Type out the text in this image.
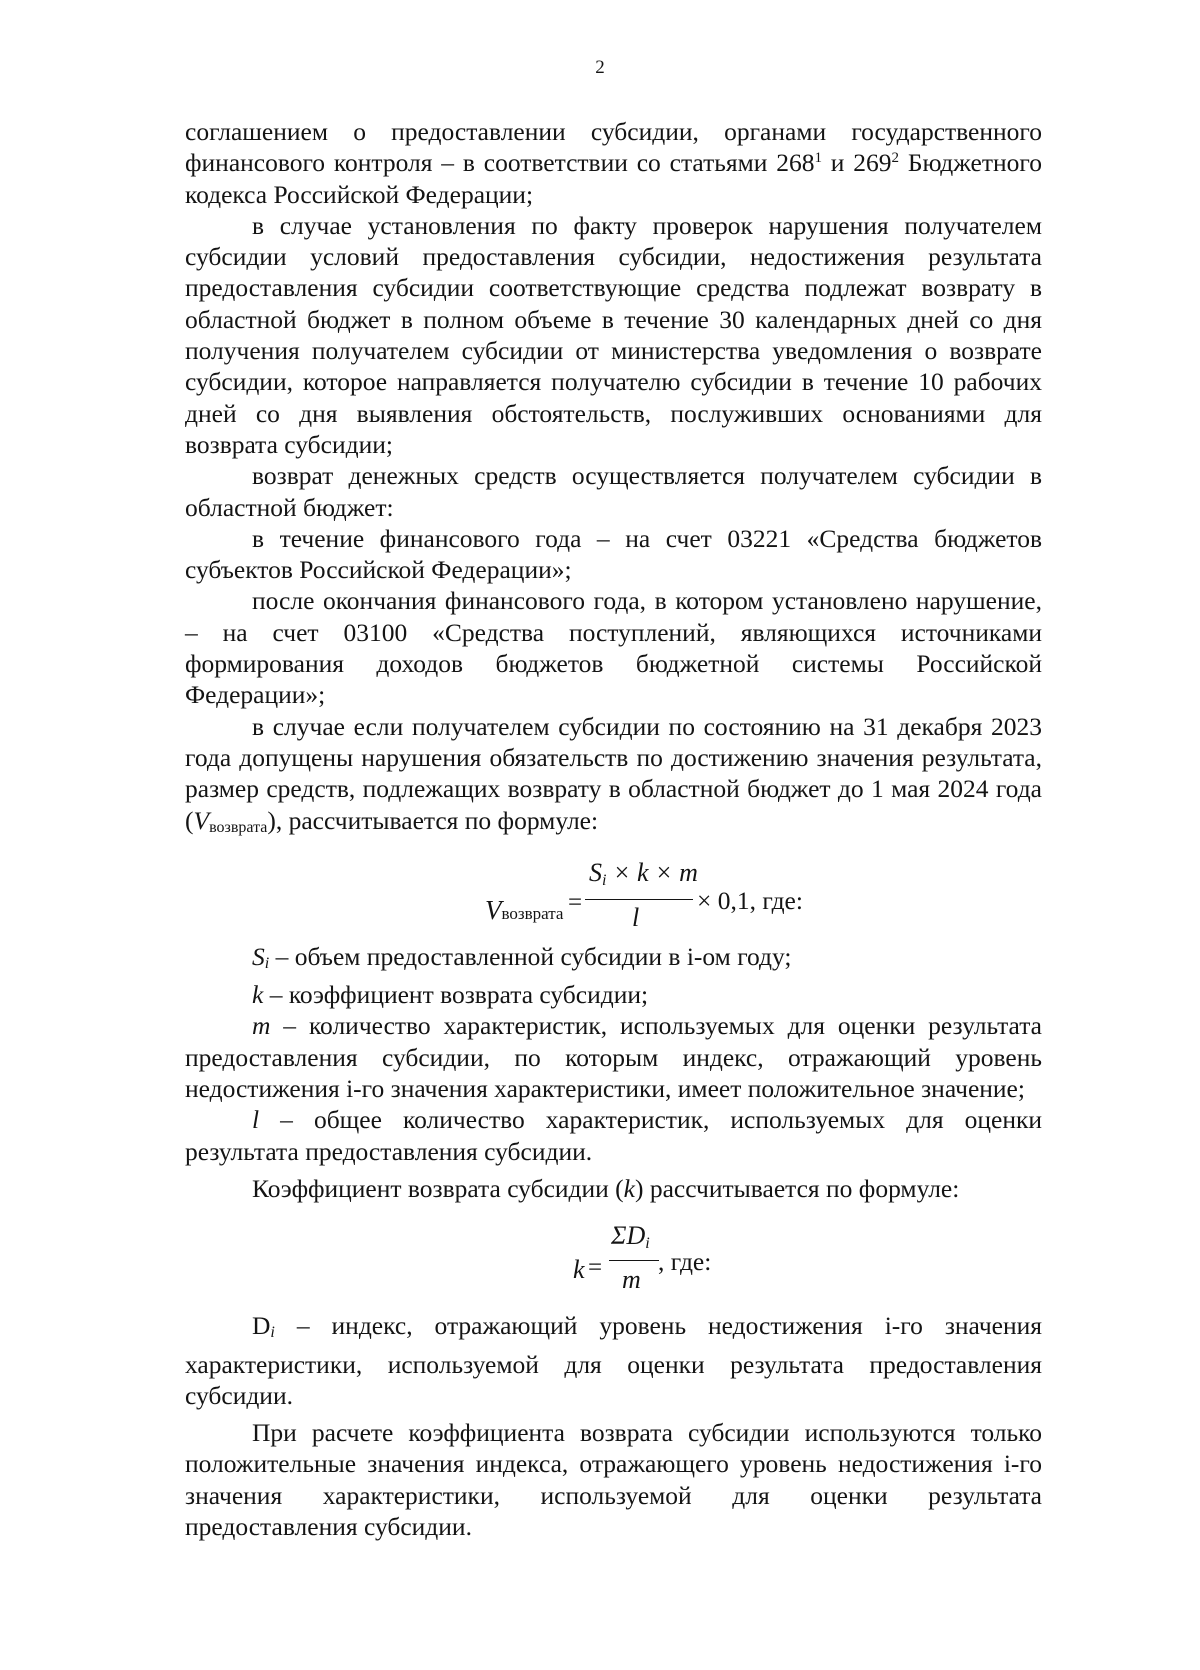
2

соглашением о предоставлении субсидии, органами государственного финансового контроля – в соответствии со статьями $268^1$ и $269^2$ Бюджетного кодекса Российской Федерации;

в случае установления по факту проверок нарушения получателем субсидии условий предоставления субсидии, недостижения результата предоставления субсидии соответствующие средства подлежат возврату в областной бюджет в полном объеме в течение 30 календарных дней со дня получения получателем субсидии от министерства уведомления о возврате субсидии, которое направляется получателю субсидии в течение 10 рабочих дней со дня выявления обстоятельств, послуживших основаниями для возврата субсидии;

возврат денежных средств осуществляется получателем субсидии в областной бюджет:

в течение финансового года – на счет 03221 «Средства бюджетов субъектов Российской Федерации»;

после окончания финансового года, в котором установлено нарушение, – на счет 03100 «Средства поступлений, являющихся источниками формирования доходов бюджетов бюджетной системы Российской Федерации»;

в случае если получателем субсидии по состоянию на 31 декабря 2023 года допущены нарушения обязательств по достижению значения результата, размер средств, подлежащих возврату в областной бюджет до 1 мая 2024 года (Vвозврата), рассчитывается по формуле:

Vвозврата =
Si × k × m
l
× 0,1, где:

Si – объем предоставленной субсидии в i-ом году;

k – коэффициент возврата субсидии;

m – количество характеристик, используемых для оценки результата предоставления субсидии, по которым индекс, отражающий уровень недостижения i-го значения характеристики, имеет положительное значение;

l – общее количество характеристик, используемых для оценки результата предоставления субсидии.

Коэффициент возврата субсидии (k) рассчитывается по формуле:

k =
ΣDi
m
, где:

Di – индекс, отражающий уровень недостижения i-го значения характеристики, используемой для оценки результата предоставления субсидии.

При расчете коэффициента возврата субсидии используются только положительные значения индекса, отражающего уровень недостижения i-го значения характеристики, используемой для оценки результата предоставления субсидии.
